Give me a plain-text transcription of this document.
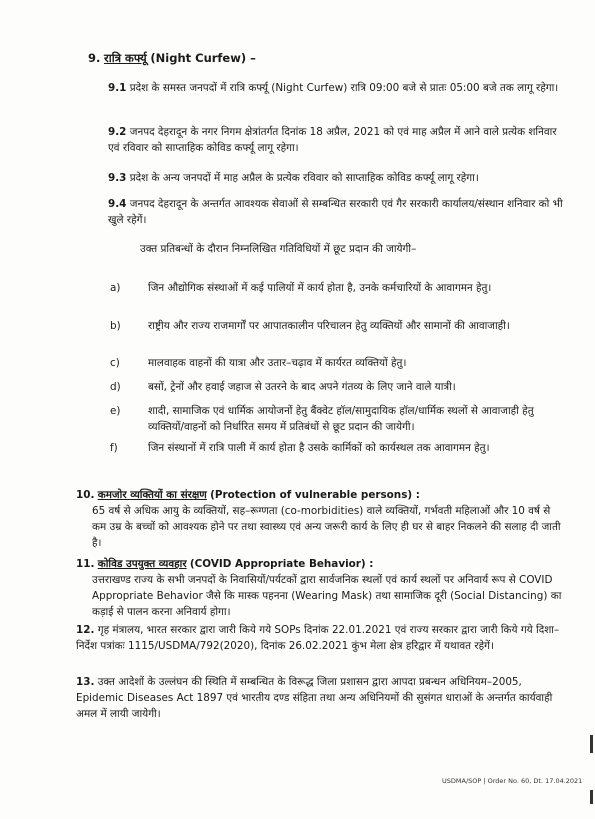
9. रात्रि कर्फ्यू (Night Curfew) –
9.1 प्रदेश के समस्त जनपदों में रात्रि कर्फ्यू (Night Curfew) रात्रि 09:00 बजे से प्रातः 05:00 बजे तक लागू रहेगा।
9.2 जनपद देहरादून के नगर निगम क्षेत्रांतर्गत दिनांक 18 अप्रैल, 2021 को एवं माह अप्रैल में आने वाले प्रत्येक शनिवार एवं रविवार को साप्ताहिक कोविड कर्फ्यू लागू रहेगा।
9.3 प्रदेश के अन्य जनपदों में माह अप्रैल के प्रत्येक रविवार को साप्ताहिक कोविड कर्फ्यू लागू रहेगा।
9.4 जनपद देहरादून के अन्तर्गत आवश्यक सेवाओं से सम्बन्धित सरकारी एवं गैर सरकारी कार्यालय/संस्थान शनिवार को भी खुले रहेगें।
उक्त प्रतिबन्धों के दौरान निम्नलिखित गतिविधियों में छूट प्रदान की जायेगी–
a)	जिन औद्योगिक संस्थाओं में कई पालियों में कार्य होता है, उनके कर्मचारियों के आवागमन हेतु।
b)	राष्ट्रीय और राज्य राजमार्गों पर आपातकालीन परिचालन हेतु व्यक्तियों और सामानों की आवाजाही।
c)	मालवाहक वाहनों की यात्रा और उतार–चढ़ाव में कार्यरत व्यक्तियों हेतु।
d)	बसों, ट्रेनों और हवाई जहाज से उतरने के बाद अपने गंतव्य के लिए जाने वाले यात्री।
e)	शादी, सामाजिक एवं धार्मिक आयोजनों हेतु बैंक्वेट हॉल/सामुदायिक हॉल/धार्मिक स्थलों से आवाजाही हेतु व्यक्तियों/वाहनों को निर्धारित समय में प्रतिबंधों से छूट प्रदान की जायेगी।
f)	जिन संस्थानों में रात्रि पाली में कार्य होता है उसके कार्मिकों को कार्यस्थल तक आवागमन हेतु।
10. कमजोर व्यक्तियों का संरक्षण (Protection of vulnerable persons) :
65 वर्ष से अधिक आयु के व्यक्तियों, सह–रूग्णता (co-morbidities) वाले व्यक्तियों, गर्भवती महिलाओं और 10 वर्ष से कम उम्र के बच्चों को आवश्यक होने पर तथा स्वास्थ्य एवं अन्य जरूरी कार्य के लिए ही घर से बाहर निकलने की सलाह दी जाती है।
11. कोविड उपयुक्त व्यवहार (COVID Appropriate Behavior) :
उत्तराखण्ड राज्य के सभी जनपदों के निवासियों/पर्यटकों द्वारा सार्वजनिक स्थलों एवं कार्य स्थलों पर अनिवार्य रूप से COVID Appropriate Behavior जैसे कि मास्क पहनना (Wearing Mask) तथा सामाजिक दूरी (Social Distancing) का कड़ाई से पालन करना अनिवार्य होगा।
12. गृह मंत्रालय, भारत सरकार द्वारा जारी किये गये SOPs दिनांक 22.01.2021 एवं राज्य सरकार द्वारा जारी किये गये दिशा–निर्देश पत्रांकः 1115/USDMA/792(2020), दिनांक 26.02.2021 कुंभ मेला क्षेत्र हरिद्वार में यथावत रहेगें।
13. उक्त आदेशों के उल्लंघन की स्थिति में सम्बन्धित के विरूद्ध जिला प्रशासन द्वारा आपदा प्रबन्धन अधिनियम–2005, Epidemic Diseases Act 1897 एवं भारतीय दण्ड संहिता तथा अन्य अधिनियमों की सुसंगत धाराओं के अन्तर्गत कार्यवाही अमल में लायी जायेगी।
USDMA/SOP | Order No. 60, Dt. 17.04.2021
